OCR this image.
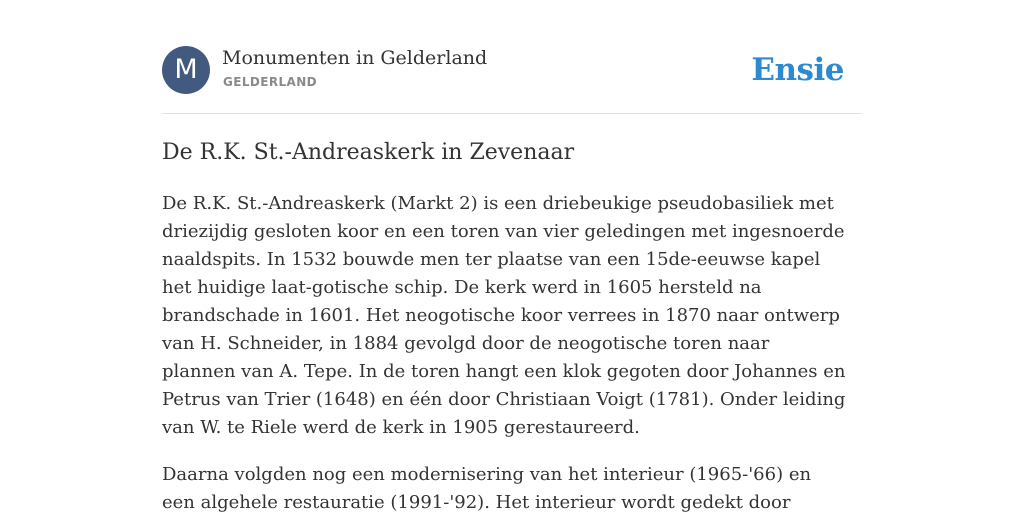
M	Monumenten in Gelderland
GELDERLAND	Ensie
De R.K. St.-Andreaskerk in Zevenaar

De R.K. St.-Andreaskerk (Markt 2) is een driebeukige pseudobasiliek met driezijdig gesloten koor en een toren van vier geledingen met ingesnoerde naaldspits. In 1532 bouwde men ter plaatse van een 15de-eeuwse kapel het huidige laat-gotische schip. De kerk werd in 1605 hersteld na brandschade in 1601. Het neogotische koor verrees in 1870 naar ontwerp van H. Schneider, in 1884 gevolgd door de neogotische toren naar plannen van A. Tepe. In de toren hangt een klok gegoten door Johannes en Petrus van Trier (1648) en één door Christiaan Voigt (1781). Onder leiding van W. te Riele werd de kerk in 1905 gerestaureerd.

Daarna volgden nog een modernisering van het interieur (1965-'66) en een algehele restauratie (1991-'92). Het interieur wordt gedekt door
